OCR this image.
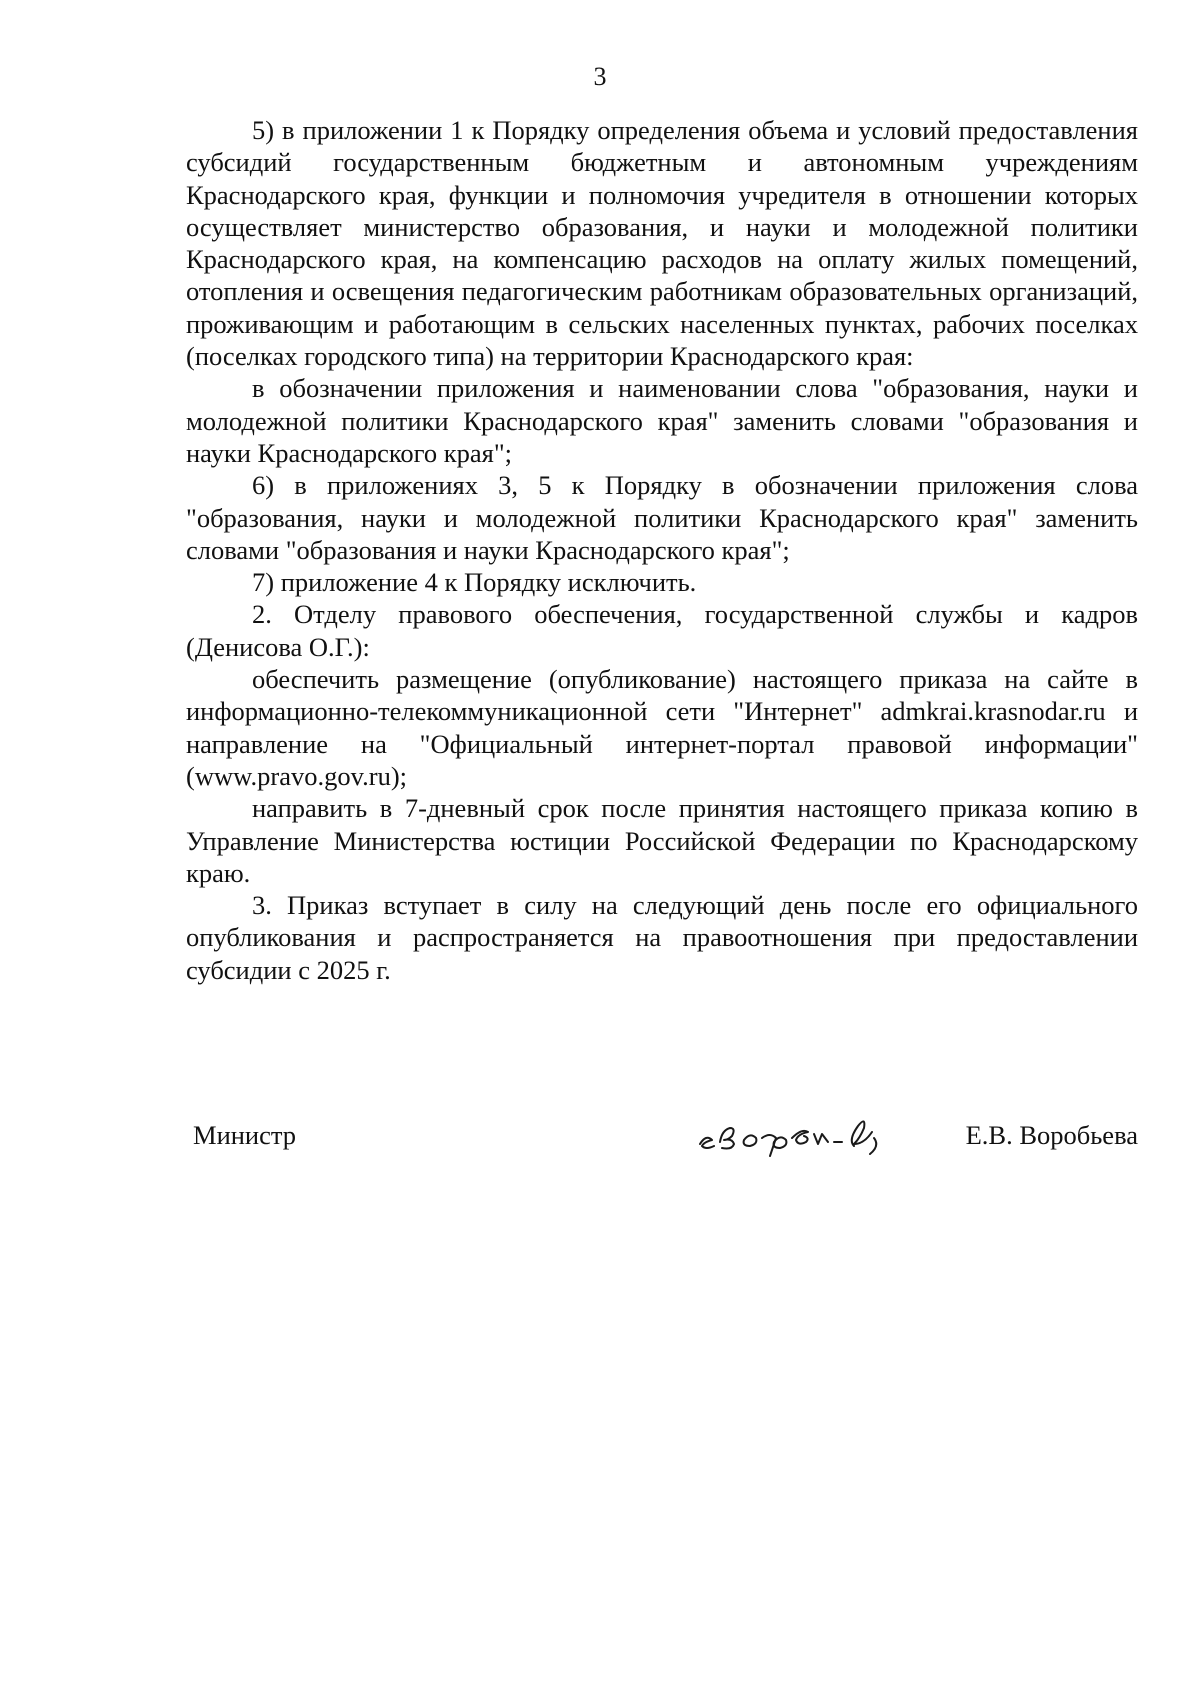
3

5) в приложении 1 к Порядку определения объема и условий предоставления субсидий государственным бюджетным и автономным учреждениям Краснодарского края, функции и полномочия учредителя в отношении которых осуществляет министерство образования, и науки и молодежной политики Краснодарского края, на компенсацию расходов на оплату жилых помещений, отопления и освещения педагогическим работникам образовательных организаций, проживающим и работающим в сельских населенных пунктах, рабочих поселках (поселках городского типа) на территории Краснодарского края:

в обозначении приложения и наименовании слова "образования, науки и молодежной политики Краснодарского края" заменить словами "образования и науки Краснодарского края";

6) в приложениях 3, 5 к Порядку в обозначении приложения слова "образования, науки и молодежной политики Краснодарского края" заменить словами "образования и науки Краснодарского края";

7) приложение 4 к Порядку исключить.

2. Отделу правового обеспечения, государственной службы и кадров (Денисова О.Г.):

обеспечить размещение (опубликование) настоящего приказа на сайте в информационно-телекоммуникационной сети "Интернет" admkrai.krasnodar.ru и направление на "Официальный интернет-портал правовой информации" (www.pravo.gov.ru);

направить в 7-дневный срок после принятия настоящего приказа копию в Управление Министерства юстиции Российской Федерации по Краснодарскому краю.

3. Приказ вступает в силу на следующий день после его официального опубликования и распространяется на правоотношения при предоставлении субсидии с 2025 г.

Министр	Е.В. Воробьева
